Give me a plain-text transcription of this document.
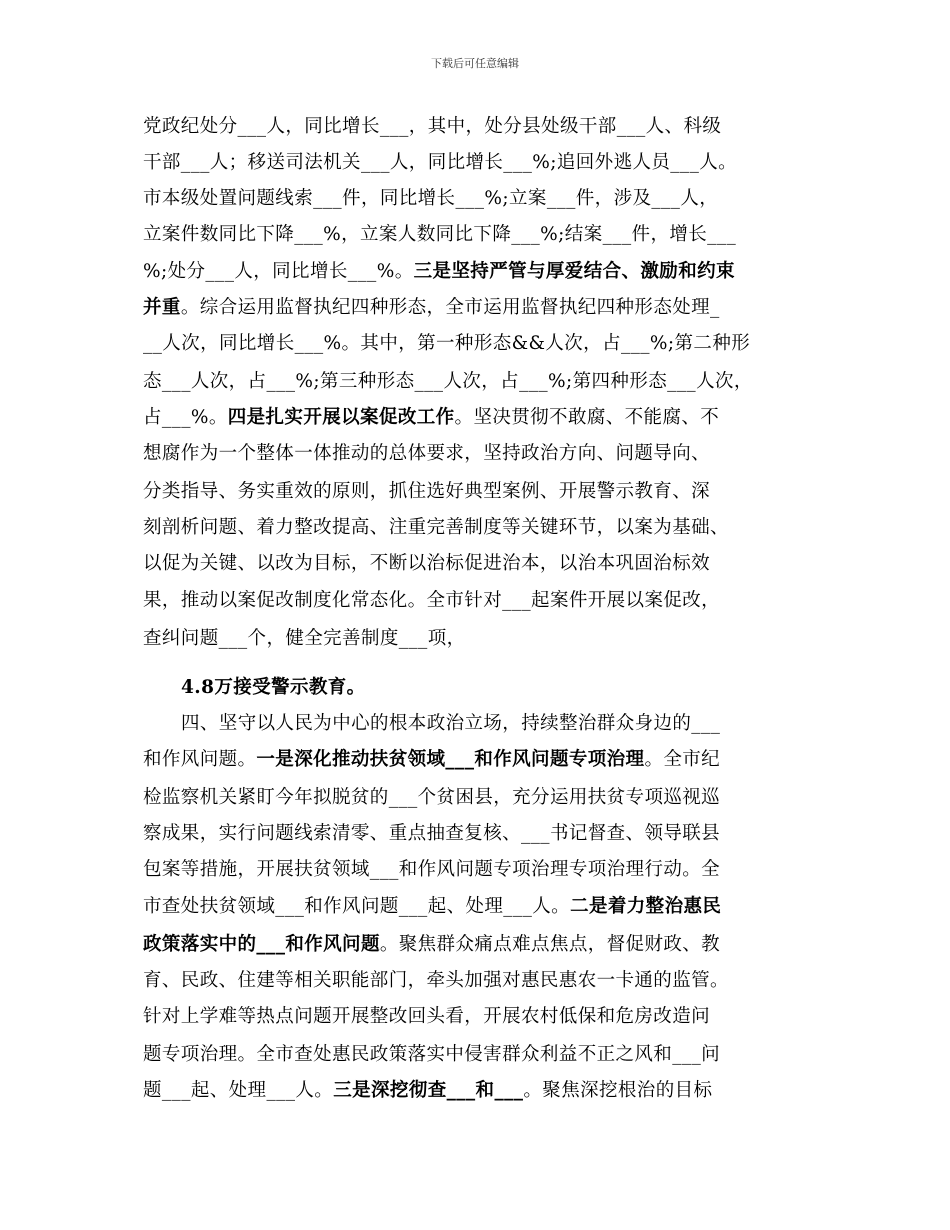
下载后可任意编辑
党政纪处分___人，同比增长___，其中，处分县处级干部___人、科级
干部___人；移送司法机关___人，同比增长___%;追回外逃人员___人。
市本级处置问题线索___件，同比增长___%;立案___件，涉及___人，
立案件数同比下降___%，立案人数同比下降___%;结案___件，增长___
%;处分___人，同比增长___%。三是坚持严管与厚爱结合、激励和约束
并重。综合运用监督执纪四种形态，全市运用监督执纪四种形态处理_
__人次，同比增长___%。其中，第一种形态&&人次，占___%;第二种形
态___人次，占___%;第三种形态___人次，占___%;第四种形态___人次，
占___%。四是扎实开展以案促改工作。坚决贯彻不敢腐、不能腐、不
想腐作为一个整体一体推动的总体要求，坚持政治方向、问题导向、
分类指导、务实重效的原则，抓住选好典型案例、开展警示教育、深
刻剖析问题、着力整改提高、注重完善制度等关键环节，以案为基础、
以促为关键、以改为目标，不断以治标促进治本，以治本巩固治标效
果，推动以案促改制度化常态化。全市针对___起案件开展以案促改，
查纠问题___个，健全完善制度___项，
4.8万接受警示教育。
四、坚守以人民为中心的根本政治立场，持续整治群众身边的___
和作风问题。一是深化推动扶贫领域___和作风问题专项治理。全市纪
检监察机关紧盯今年拟脱贫的___个贫困县，充分运用扶贫专项巡视巡
察成果，实行问题线索清零、重点抽查复核、___书记督查、领导联县
包案等措施，开展扶贫领域___和作风问题专项治理专项治理行动。全
市查处扶贫领域___和作风问题___起、处理___人。二是着力整治惠民
政策落实中的___和作风问题。聚焦群众痛点难点焦点，督促财政、教
育、民政、住建等相关职能部门，牵头加强对惠民惠农一卡通的监管。
针对上学难等热点问题开展整改回头看，开展农村低保和危房改造问
题专项治理。全市查处惠民政策落实中侵害群众利益不正之风和___问
题___起、处理___人。三是深挖彻查___和___。聚焦深挖根治的目标
